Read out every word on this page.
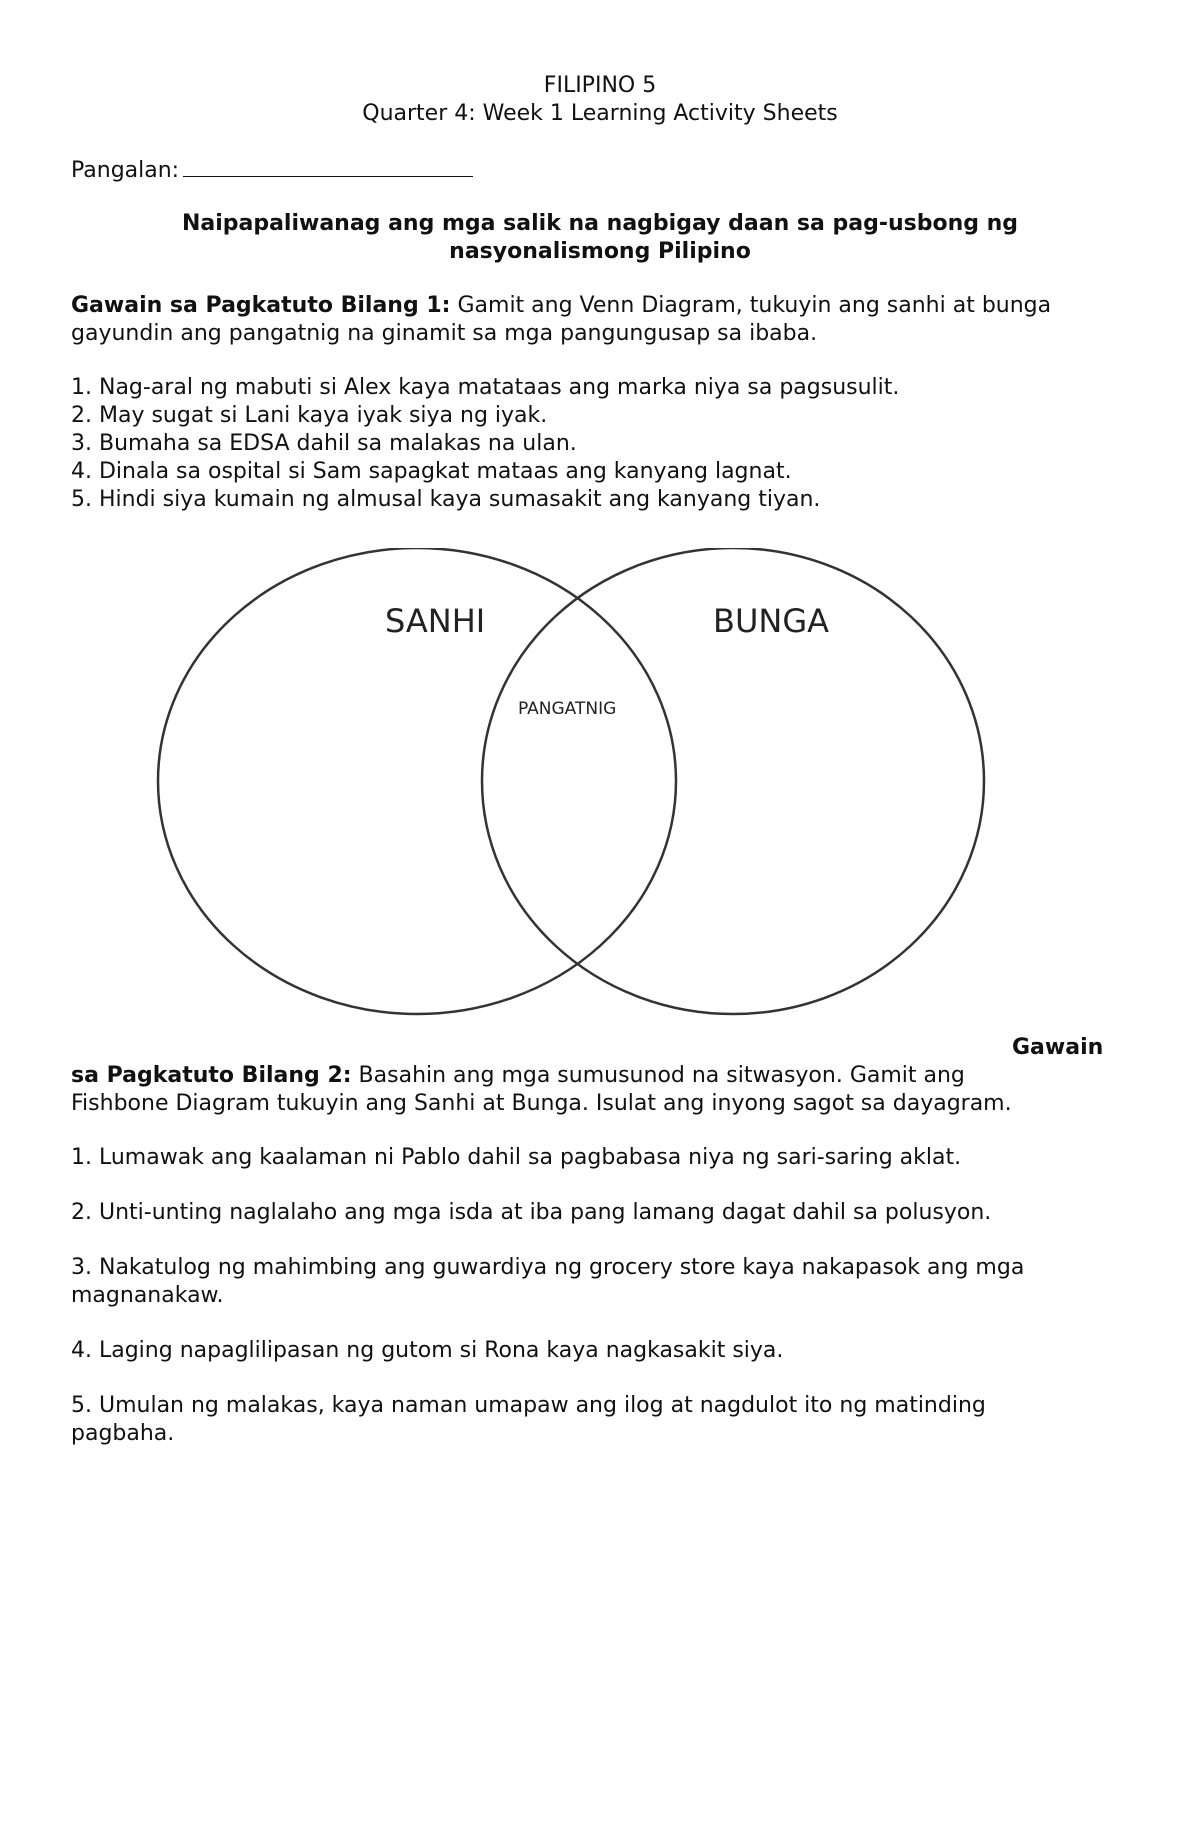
FILIPINO 5
Quarter 4: Week 1 Learning Activity Sheets
Pangalan:
Naipapaliwanag ang mga salik na nagbigay daan sa pag-usbong ng
nasyonalismong Pilipino
Gawain sa Pagkatuto Bilang 1: Gamit ang Venn Diagram, tukuyin ang sanhi at bunga
gayundin ang pangatnig na ginamit sa mga pangungusap sa ibaba.
1. Nag-aral ng mabuti si Alex kaya matataas ang marka niya sa pagsusulit.
2. May sugat si Lani kaya iyak siya ng iyak.
3. Bumaha sa EDSA dahil sa malakas na ulan.
4. Dinala sa ospital si Sam sapagkat mataas ang kanyang lagnat.
5. Hindi siya kumain ng almusal kaya sumasakit ang kanyang tiyan.
SANHI	BUNGA
PANGATNIG
Gawain
sa Pagkatuto Bilang 2: Basahin ang mga sumusunod na sitwasyon. Gamit ang
Fishbone Diagram tukuyin ang Sanhi at Bunga. Isulat ang inyong sagot sa dayagram.
1. Lumawak ang kaalaman ni Pablo dahil sa pagbabasa niya ng sari-saring aklat.
2. Unti-unting naglalaho ang mga isda at iba pang lamang dagat dahil sa polusyon.
3. Nakatulog ng mahimbing ang guwardiya ng grocery store kaya nakapasok ang mga
magnanakaw.
4. Laging napaglilipasan ng gutom si Rona kaya nagkasakit siya.
5. Umulan ng malakas, kaya naman umapaw ang ilog at nagdulot ito ng matinding
pagbaha.
